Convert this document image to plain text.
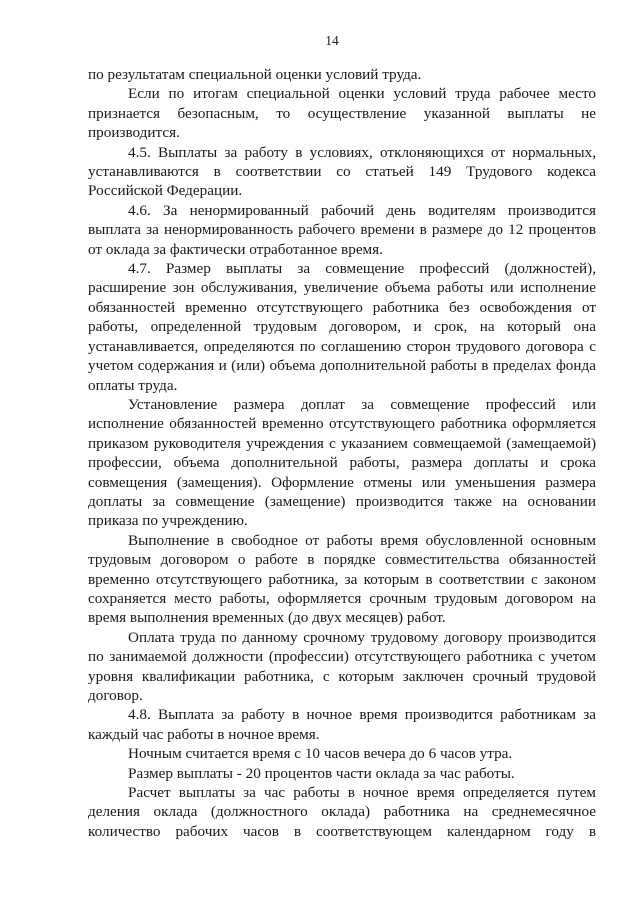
14

по результатам специальной оценки условий труда.

Если по итогам специальной оценки условий труда рабочее место признается безопасным, то осуществление указанной выплаты не производится.

4.5. Выплаты за работу в условиях, отклоняющихся от нормальных, устанавливаются в соответствии со статьей 149 Трудового кодекса Российской Федерации.

4.6. За ненормированный рабочий день водителям производится выплата за ненормированность рабочего времени в размере до 12 процентов от оклада за фактически отработанное время.

4.7. Размер выплаты за совмещение профессий (должностей), расширение зон обслуживания, увеличение объема работы или исполнение обязанностей временно отсутствующего работника без освобождения от работы, определенной трудовым договором, и срок, на который она устанавливается, определяются по соглашению сторон трудового договора с учетом содержания и (или) объема дополнительной работы в пределах фонда оплаты труда.

Установление размера доплат за совмещение профессий или исполнение обязанностей временно отсутствующего работника оформляется приказом руководителя учреждения с указанием совмещаемой (замещаемой) профессии, объема дополнительной работы, размера доплаты и срока совмещения (замещения). Оформление отмены или уменьшения размера доплаты за совмещение (замещение) производится также на основании приказа по учреждению.

Выполнение в свободное от работы время обусловленной основным трудовым договором о работе в порядке совместительства обязанностей временно отсутствующего работника, за которым в соответствии с законом сохраняется место работы, оформляется срочным трудовым договором на время выполнения временных (до двух месяцев) работ.

Оплата труда по данному срочному трудовому договору производится по занимаемой должности (профессии) отсутствующего работника с учетом уровня квалификации работника, с которым заключен срочный трудовой договор.

4.8. Выплата за работу в ночное время производится работникам за каждый час работы в ночное время.

Ночным считается время с 10 часов вечера до 6 часов утра.

Размер выплаты - 20 процентов части оклада за час работы.

Расчет выплаты за час работы в ночное время определяется путем деления оклада (должностного оклада) работника на среднемесячное количество рабочих часов в соответствующем календарном году в
